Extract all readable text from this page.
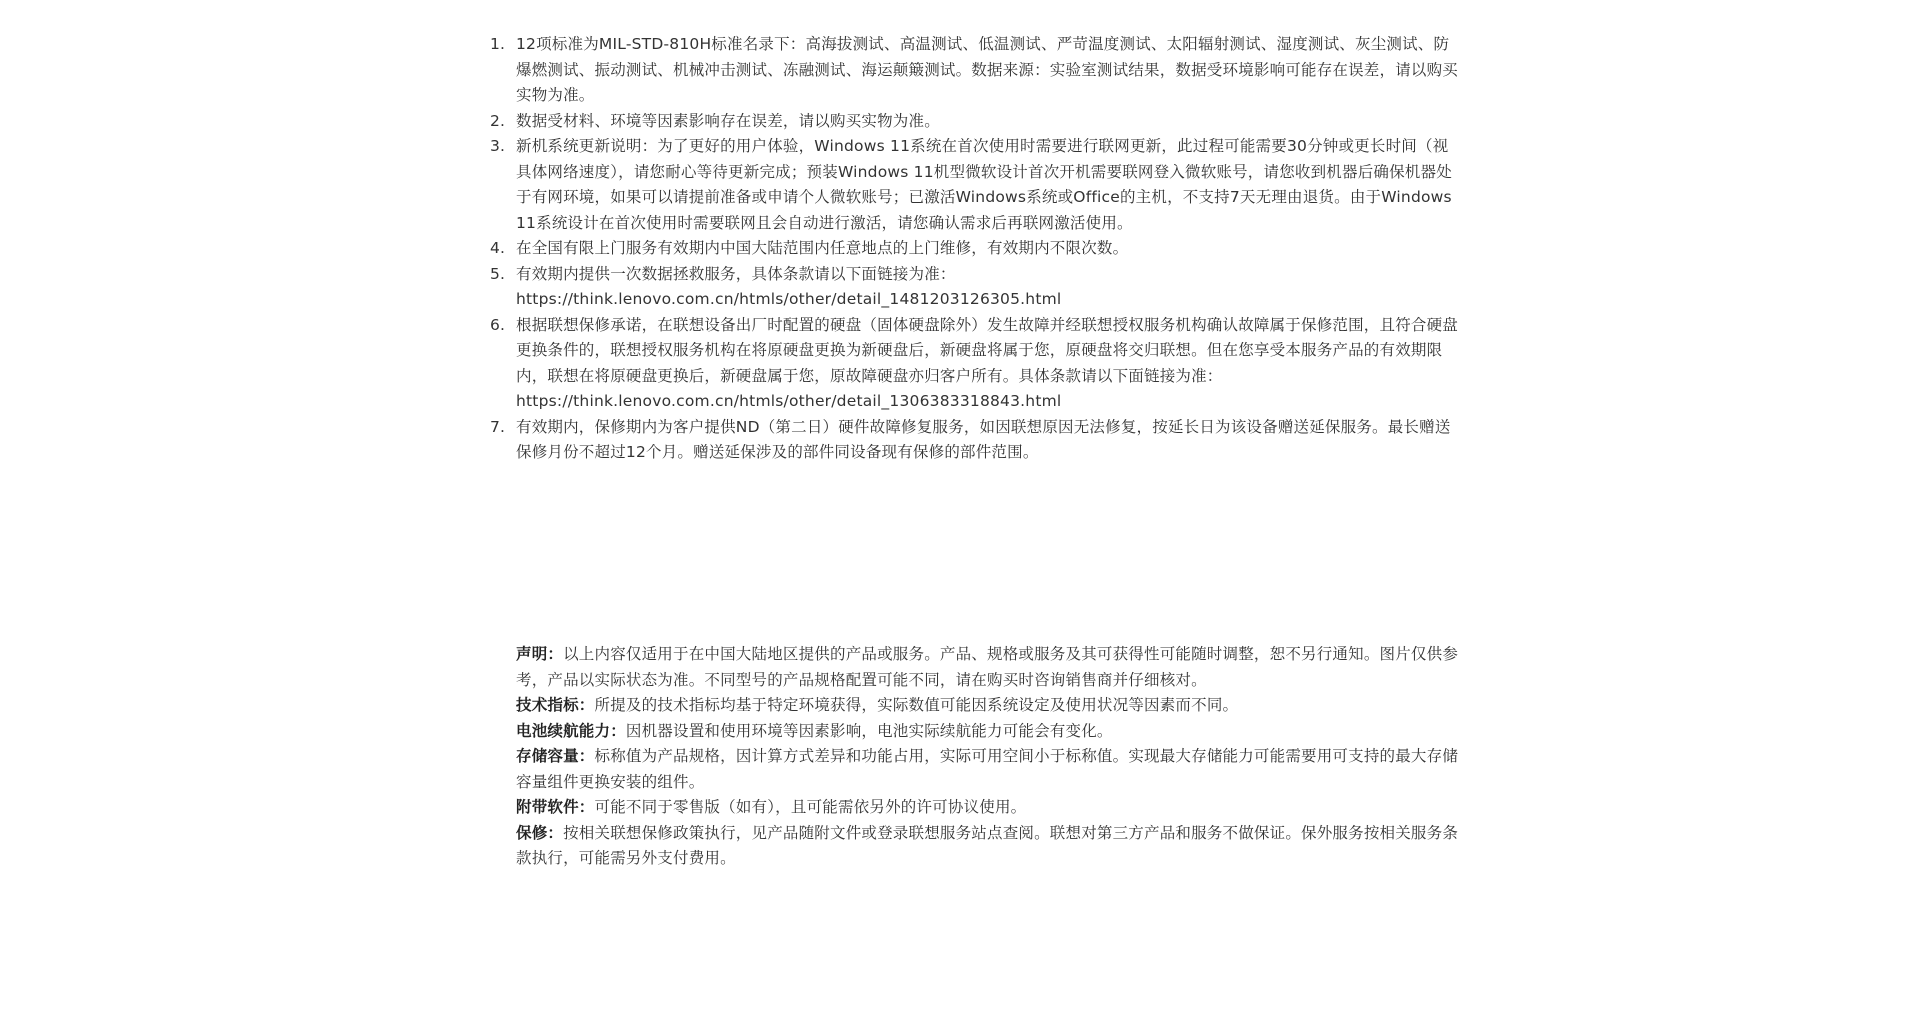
1. 12项标准为MIL-STD-810H标准名录下：高海拔测试、高温测试、低温测试、严苛温度测试、太阳辐射测试、湿度测试、灰尘测试、防爆燃测试、振动测试、机械冲击测试、冻融测试、海运颠簸测试。数据来源：实验室测试结果，数据受环境影响可能存在误差，请以购买实物为准。
2. 数据受材料、环境等因素影响存在误差，请以购买实物为准。
3. 新机系统更新说明：为了更好的用户体验，Windows 11系统在首次使用时需要进行联网更新，此过程可能需要30分钟或更长时间（视具体网络速度），请您耐心等待更新完成；预装Windows 11机型微软设计首次开机需要联网登入微软账号，请您收到机器后确保机器处于有网环境，如果可以请提前准备或申请个人微软账号；已激活Windows系统或Office的主机，不支持7天无理由退货。由于Windows 11系统设计在首次使用时需要联网且会自动进行激活，请您确认需求后再联网激活使用。
4. 在全国有限上门服务有效期内中国大陆范围内任意地点的上门维修，有效期内不限次数。
5. 有效期内提供一次数据拯救服务，具体条款请以下面链接为准：
https://think.lenovo.com.cn/htmls/other/detail_1481203126305.html
6. 根据联想保修承诺，在联想设备出厂时配置的硬盘（固体硬盘除外）发生故障并经联想授权服务机构确认故障属于保修范围，且符合硬盘更换条件的，联想授权服务机构在将原硬盘更换为新硬盘后，新硬盘将属于您，原硬盘将交归联想。但在您享受本服务产品的有效期限内，联想在将原硬盘更换后，新硬盘属于您，原故障硬盘亦归客户所有。具体条款请以下面链接为准：
https://think.lenovo.com.cn/htmls/other/detail_1306383318843.html
7. 有效期内，保修期内为客户提供ND（第二日）硬件故障修复服务，如因联想原因无法修复，按延长日为该设备赠送延保服务。最长赠送保修月份不超过12个月。赠送延保涉及的部件同设备现有保修的部件范围。

声明：以上内容仅适用于在中国大陆地区提供的产品或服务。产品、规格或服务及其可获得性可能随时调整，恕不另行通知。图片仅供参考，产品以实际状态为准。不同型号的产品规格配置可能不同，请在购买时咨询销售商并仔细核对。

技术指标：所提及的技术指标均基于特定环境获得，实际数值可能因系统设定及使用状况等因素而不同。

电池续航能力：因机器设置和使用环境等因素影响，电池实际续航能力可能会有变化。

存储容量：标称值为产品规格，因计算方式差异和功能占用，实际可用空间小于标称值。实现最大存储能力可能需要用可支持的最大存储容量组件更换安装的组件。

附带软件：可能不同于零售版（如有），且可能需依另外的许可协议使用。

保修：按相关联想保修政策执行，见产品随附文件或登录联想服务站点查阅。联想对第三方产品和服务不做保证。保外服务按相关服务条款执行，可能需另外支付费用。
